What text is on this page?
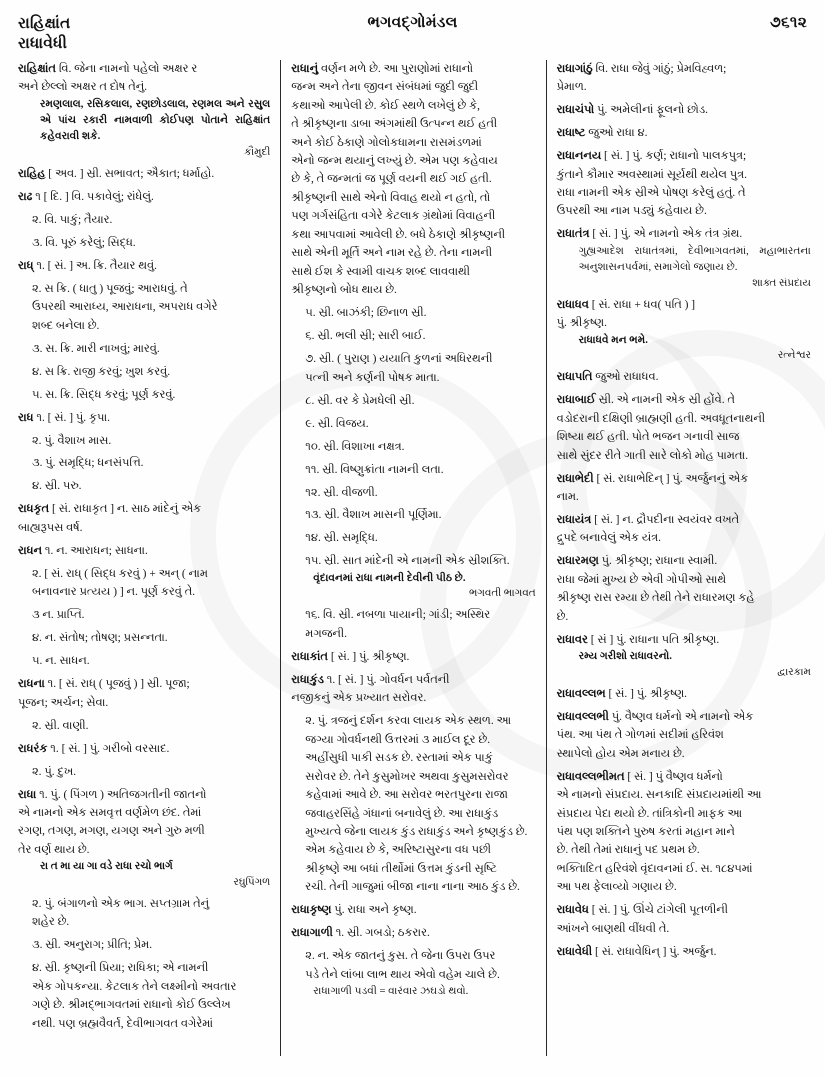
રાહિક્ષાંત
રાધાવેધી
ભગવદ્ગોમંડલ	૭૬૧૨

રાહિક્ષાંત વિ. જેના નામનો પહેલો અક્ષર ર

અને છેલ્લો અક્ષર ત દોષ તેનું.

રમણલાલ, રસિકલાલ, રણછોડલાલ, રણમલ અને રસુલ એ પાંચ રકારી નામવાળી કોઈપણ પોતાને રાહિક્ષાંત કહેવરાવી શકે.
કૌમુદી

રાહિહ [ અવ. ] સ્રી. સભાવત; ઐકાત; ધર્માહો.

રાઢ ૧ [ દિ. ] વિ. પકાવેલું; રાંધેલું.

૨. વિ. પાકું; તૈયાર.

૩. વિ. પૂરું કરેલું; સિદ્ધ.

રાધ્ ૧. [ સં. ] અ. ક્રિ. તૈયાર થવું.

૨. સ ક્રિ. ( ધાતુ ) પૂજવું; આરાધવું. તે

ઉપરથી આરાધ્ય, આરાધના, અપરાધ વગેરે

શબ્દ બનેલા છે.

૩. સ. ક્રિ. મારી નાખવું; મારવું.

૪. સ ક્રિ. રાજી કરવું; ખુશ કરવું.

૫. સ. ક્રિ. સિદ્ધ કરવું; પૂર્ણ કરવું.

રાધ ૧. [ સં. ] પું. કૃપા.

૨. પું. વૈશાખ માસ.

૩. પું. સમૃદ્ધિ; ધનસંપત્તિ.

૪. સ્રી. પરુ.

રાધકૃત [ સં. રાધાકૃત ] ન. સાઠ માંદેનું એક

બાહ્યરૂપસ વર્ષ.

રાધન ૧. ન. આરાધન; સાધના.

૨. [ સં. રાધ્ ( સિદ્ધ કરવું ) + અન્ ( નામ

બનાવનાર પ્રત્યય ) ] ન. પૂર્ણ કરવું તે.

૩ ન. પ્રાપ્તિ.

૪. ન. સંતોષ; તોષણ; પ્રસન્નતા.

૫. ન. સાધન.

રાધના ૧. [ સં. રાધ્ ( પૂજવું ) ] સ્રી. પૂજા;

પૂજન; અર્ચન; સેવા.

૨. સ્રી. વાણી.

રાધરંક ૧. [ સં. ] પું. ગરીબો વરસાદ.

૨. પું. દુખ.

રાધા ૧. પું. ( પિંગળ ) અતિજગતીની જાતનો

એ નામનો એક સમવૃત્ત વર્ણમેળ છંદ. તેમાં

રગણ, તગણ, મગણ, યગણ અને ગુરુ મળી

તેર વર્ણ થાય છે.

રા ત મા યા ગા વડે રાધા રચો ભાર્ગ
રઘુપિંગળ

૨. પું. બંગાળનો એક ભાગ. સપ્તગ્રામ તેનું

શહેર છે.

૩. સ્રી. અનુરાગ; પ્રીતિ; પ્રેમ.

૪. સ્રી. કૃષ્ણની પ્રિયા; રાધિકા; એ નામની

એક ગોપકન્યા. કેટલાક તેને લક્ષ્મીનો અવતાર

ગણે છે. શ્રીમદ્ભાગવતમાં રાધાનો કોઈ ઉલ્લેખ

નથી. પણ બ્રહ્મવૈવર્ત, દેવીભાગવત વગેરેમાં

રાધાનું વર્ણન મળે છે. આ પુરાણોમાં રાધાનો

જન્મ અને તેના જીવન સંબંધમાં જુદી જુદી

કથાઓ આપેલી છે. કોઈ સ્થળે લખેલું છે કે,

તે શ્રીકૃષ્ણના ડાબા અંગમાંથી ઉત્પન્ન થઈ હતી

અને કોઈ ઠેકાણે ગોલોકધામના રાસમંડળમાં

એનો જન્મ થયાનું લખ્યું છે. એમ પણ કહેવાય

છે કે, તે જન્મતાં જ પૂર્ણ વયની થઈ ગઈ હતી.

શ્રીકૃષ્ણની સાથે એનો વિવાહ થયો ન હતો, તો

પણ ગર્ગસંહિતા વગેરે કેટલાક ગ્રંથોમાં વિવાહની

કથા આપવામાં આવેલી છે. બધે ઠેકાણે શ્રીકૃષ્ણની

સાથે એની મૂર્તિ અને નામ રહે છે. તેના નામની

સાથે ઈશ કે સ્વામી વાચક શબ્દ લાવવાથી

શ્રીકૃષ્ણનો બોધ થાય છે.

૫. સ્રી. બાઝંકી; છિનાળ સ્રી.

૬. સ્રી. ભલી સ્રી; સારી બાઈ.

૭. સ્રી. ( પુરાણ ) યયાતિ કુળનાં અધિરથની

પત્ની અને કર્ણની પોષક માતા.

૮. સ્રી. વર કે પ્રેમધેલી સ્રી.

૯. સ્રી. વિજય.

૧૦. સ્રી. વિશાખા નક્ષત્ર.

૧૧. સ્રી. વિષ્ણુક્રાંતા નામની લતા.

૧૨. સ્રી. વીજળી.

૧૩. સ્રી. વૈશાખ માસની પૂર્ણિમા.

૧૪. સ્રી. સમૃદ્ધિ.

૧૫. સ્રી. સાત માંદેની એ નામની એક સ્રીશક્તિ.

વૃંદાવનમાં રાધા નામની દેવીની પીઠ છે.
ભગવતી ભાગવત

૧૬. વિ. સ્રી. નબળા પાયાની; ગાંડી; અસ્થિર

મગજની.

રાધાકાંત [ સં. ] પું. શ્રીકૃષ્ણ.

રાધાકુંડ ૧. [ સં. ] પું. ગોવર્ધન પર્વતની

નજીકનું એક પ્રખ્યાત સરોવર.

૨. પું. ત્રજનું દર્શન કરવા લાયક એક સ્થળ. આ

જગ્યા ગોવર્ધનથી ઉત્તરમાં ૩ માઈલ દૂર છે.

અહીંસુધી પાકી સડક છે. રસ્તામાં એક પાકું

સરોવર છે. તેને કુસુમોખર અથવા કુસુમસરોવર

કહેવામાં આવે છે. આ સરોવર ભરતપુરના રાજા

જવાહરસિંહે ગંધાનાં બનાવેલું છે. આ રાધાકુંડ

મુખ્યત્વે જેના લાયક કુંડ રાધાકુંડ અને કૃષ્ણકુંડ છે.

એમ કહેવાય છે કે, અરિષ્ટાસુરના વધ પછી

શ્રીકૃષ્ણે આ બધાં તીર્થોમાં ઉત્તમ કુંડની સૃષ્ટિ

રચી. તેની ગાજુમાં બીજા નાના નાના આઠ કુંડ છે.

રાધાકૃષ્ણ પું. રાધા અને કૃષ્ણ.

રાધાગાળી ૧. સ્રી. ગબડો; ઠકરાર.

૨. ન. એક જાતનું કુસ. તે જેના ઉપરા ઉપર

પડે તેને લાંબા લાભ થાય એવો વહેમ ચાલે છે.

રાધાગાળી પડવી = વારંવાર ઝઘડો થવો.

રાધાગાંઠું વિ. રાધા જેવું ગાંઠું; પ્રેમવિહ્વળ;

પ્રેમાળ.

રાધાચંપો પું. અમેલીનાં ફૂલનો છોડ.

રાધાષ્ટ જુઓ રાધા ૪.

રાધાનનય [ સં. ] પું. કર્ણ; રાધાનો પાલકપુત્ર;

કુંતાને કૌમાર અવસ્થામાં સૂર્યથી થયેલ પુત્ર.

રાધા નામની એક સ્રીએ પોષણ કરેલું હતું. તે

ઉપરથી આ નામ પડ્યું કહેવાય છે.

રાધાતંત્ર [ સં. ] પું. એ નામનો એક તંત્ર ગ્રંથ.

ગુહ્યઆદેશ રાધાતંત્રમાં, દેવીભાગવતમાં, મહાભારતના અનુશાસનપર્વમાં, સમાગેલો જણાય છે.
શાક્ત સંપ્રદાય

રાધાધવ [ સં. રાધા + ધવ( પતિ ) ]

પું. શ્રીકૃષ્ણ.

રાધાધવે મન ભમે.
રત્નેશ્વર

રાધાપતિ જુઓ રાધાધવ.

રાધાબાઈ સ્રી. એ નામની એક સ્રી હોંવે. તે

વડોદરાની દક્ષિણી બ્રાહ્મણી હતી. અવધૂતનાથની

શિષ્યા થઈ હતી. પોતે ભજન ગનાવી સાજ

સાથે સુંદર રીતે ગાતી સારે લોકો મોહ પામતા.

રાધાભેદી [ સં. રાધાભેદિન્ ] પું. અર્જુનનું એક

નામ.

રાધાયંત્ર [ સં. ] ન. દ્રૌપદીના સ્વયંવર વખતે

દ્રુપદે બનાવેલું એક યંત્ર.

રાધારમણ પું. શ્રીકૃષ્ણ; રાધાના સ્વામી.

રાધા જેમાં મુખ્ય છે એવી ગોપીઓ સાથે

શ્રીકૃષ્ણ રાસ રમ્યા છે તેથી તેને રાધારમણ કહે

છે.

રાધાવર [ સં ] પું. રાધાના પતિ શ્રીકૃષ્ણ.

રમ્ય ગરીશો રાધાવરનો.
દ્વારકામ

રાધાવલ્લભ [ સં. ] પું. શ્રીકૃષ્ણ.

રાધાવલ્લભી પું. વૈષ્ણવ ધર્મનો એ નામનો એક

પંથ. આ પંથ તે ગોળમાં સદીમાં હરિવંશ

સ્થાપેલો હોય એમ મનાય છે.

રાધાવલ્લભીમત [ સં. ] પું વૈષ્ણવ ધર્મનો

એ નામનો સંપ્રદાય. સનકાદિ સંપ્રદાયમાંથી આ

સંપ્રદાય પેદા થયો છે. તાંત્રિકોની માફક આ

પંથ પણ શક્તિને પુરુષ કરતાં મહાન માને

છે. તેથી તેમાં રાધાનું પદ પ્રથમ છે.

ભક્તિાદિત હરિવંશે વૃંદાવનમાં ઈ. સ. ૧૮૪૫માં

આ પથ ફેલાવ્યો ગણાય છે.

રાધાવેધ [ સં. ] પું. ઊંચે ટાંગેલી પૂતળીની

આંખને બાણથી વીંધવી તે.

રાધાવેધી [ સં. રાધાવેધિન્ ] પું. અર્જુન.
